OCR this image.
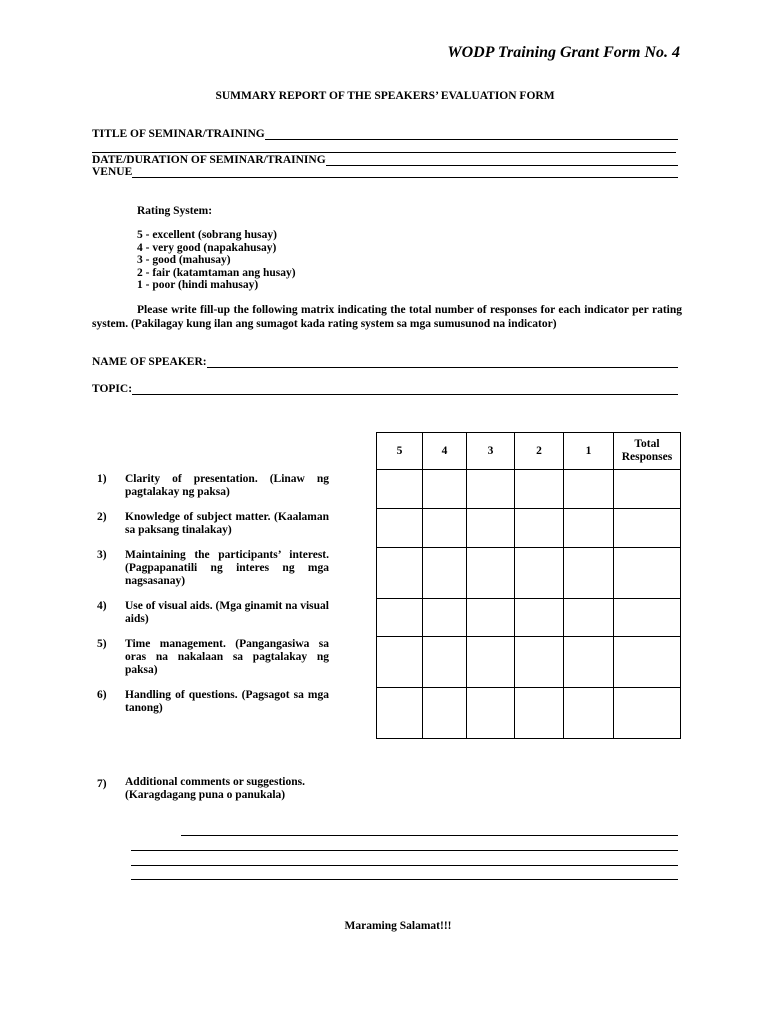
WODP Training Grant Form No. 4
SUMMARY REPORT OF THE SPEAKERS’ EVALUATION FORM
TITLE OF SEMINAR/TRAINING
DATE/DURATION OF SEMINAR/TRAINING
VENUE
Rating System:
5 - excellent (sobrang husay)
4 - very good (napakahusay)
3 - good (mahusay)
2 - fair (katamtaman ang husay)
1 - poor (hindi mahusay)
Please write fill-up the following matrix indicating the total number of responses for each indicator per rating system. (Pakilagay kung ilan ang sumagot kada rating system sa mga sumusunod na indicator)
NAME OF SPEAKER:
TOPIC:
5	4	3	2	1	Total
Responses

1)	Clarity of presentation. (Linaw ng pagtalakay ng paksa)
2)	Knowledge of subject matter. (Kaalaman sa paksang tinalakay)
3)	Maintaining the participants’ interest. (Pagpapanatili ng interes ng mga nagsasanay)
4)	Use of visual aids. (Mga ginamit na visual aids)
5)	Time management. (Pangangasiwa sa oras na nakalaan sa pagtalakay ng paksa)
6)	Handling of questions. (Pagsagot sa mga tanong)
7)	Additional comments or suggestions. (Karagdagang puna o panukala)
Maraming Salamat!!!
